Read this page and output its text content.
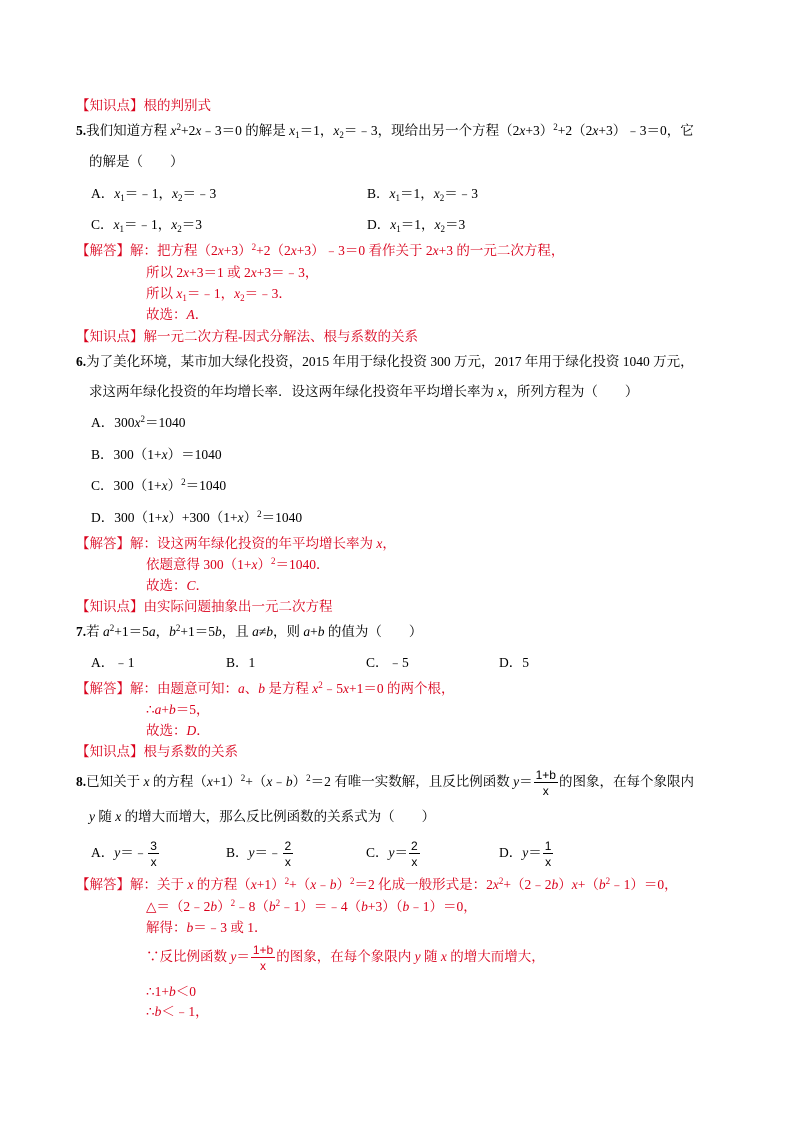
【知识点】根的判别式
5.我们知道方程 $x^2+2x﹣3=0$ 的解是 $x_1=1$，$x_2=﹣3$，现给出另一个方程$(2x+3)^2+2(2x+3)﹣3=0$，它
的解是（　　）
A．$x_1=﹣1$，$x_2=﹣3$	B．$x_1=1$，$x_2=﹣3$
C．$x_1=﹣1$，$x_2=3$	D．$x_1=1$，$x_2=3$
【解答】解：把方程$(2x+3)^2+2(2x+3)﹣3=0$ 看作关于 2x+3 的一元二次方程，
所以 2x+3＝1 或 2x+3＝﹣3，
所以 $x_1=﹣1$，$x_2=﹣3$．
故选：A．
【知识点】解一元二次方程-因式分解法、根与系数的关系
6.为了美化环境，某市加大绿化投资，2015 年用于绿化投资 300 万元，2017 年用于绿化投资 1040 万元，
求这两年绿化投资的年均增长率．设这两年绿化投资年平均增长率为 x，所列方程为（　　）
A．$300x^2=1040$
B．300（1+x）＝1040
C．$300(1+x)^2=1040$
D．$300(1+x)+300(1+x)^2=1040$
【解答】解：设这两年绿化投资的年平均增长率为 x，
依题意得 $300(1+x)^2=1040$．
故选：C．
【知识点】由实际问题抽象出一元二次方程
7.若 $a^2+1=5a$，$b^2+1=5b$，且 a≠b，则 a+b 的值为（　　）
A．﹣1	B．1	C．﹣5	D．5
【解答】解：由题意可知：a、b 是方程 $x^2﹣5x+1=0$ 的两个根，
∴a+b＝5，
故选：D．
【知识点】根与系数的关系
8.已知关于 x 的方程$(x+1)^2+(x﹣b)^2=2$ 有唯一实数解，且反比例函数 $y= \frac{1+b}{x}$ 的图象，在每个象限内
y 随 x 的增大而增大，那么反比例函数的关系式为（　　）
A．y＝﹣ $\frac{3}{x}$	B．y＝﹣ $\frac{2}{x}$	C．$y= \frac{2}{x}$	D．$y= \frac{1}{x}$
【解答】解：关于 x 的方程$(x+1)^2+(x﹣b)^2=2$ 化成一般形式是：$2x^2+(2﹣2b)x+(b^2﹣1)=0$，
$\triangle=(2﹣2b)^2﹣8(b^2﹣1)=﹣4(b+3)(b﹣1)=0$，
解得：b＝﹣3 或 1．
∵反比例函数 $y= \frac{1+b}{x}$ 的图象，在每个象限内 y 随 x 的增大而增大，
∴1+b＜0
∴b＜﹣1，
